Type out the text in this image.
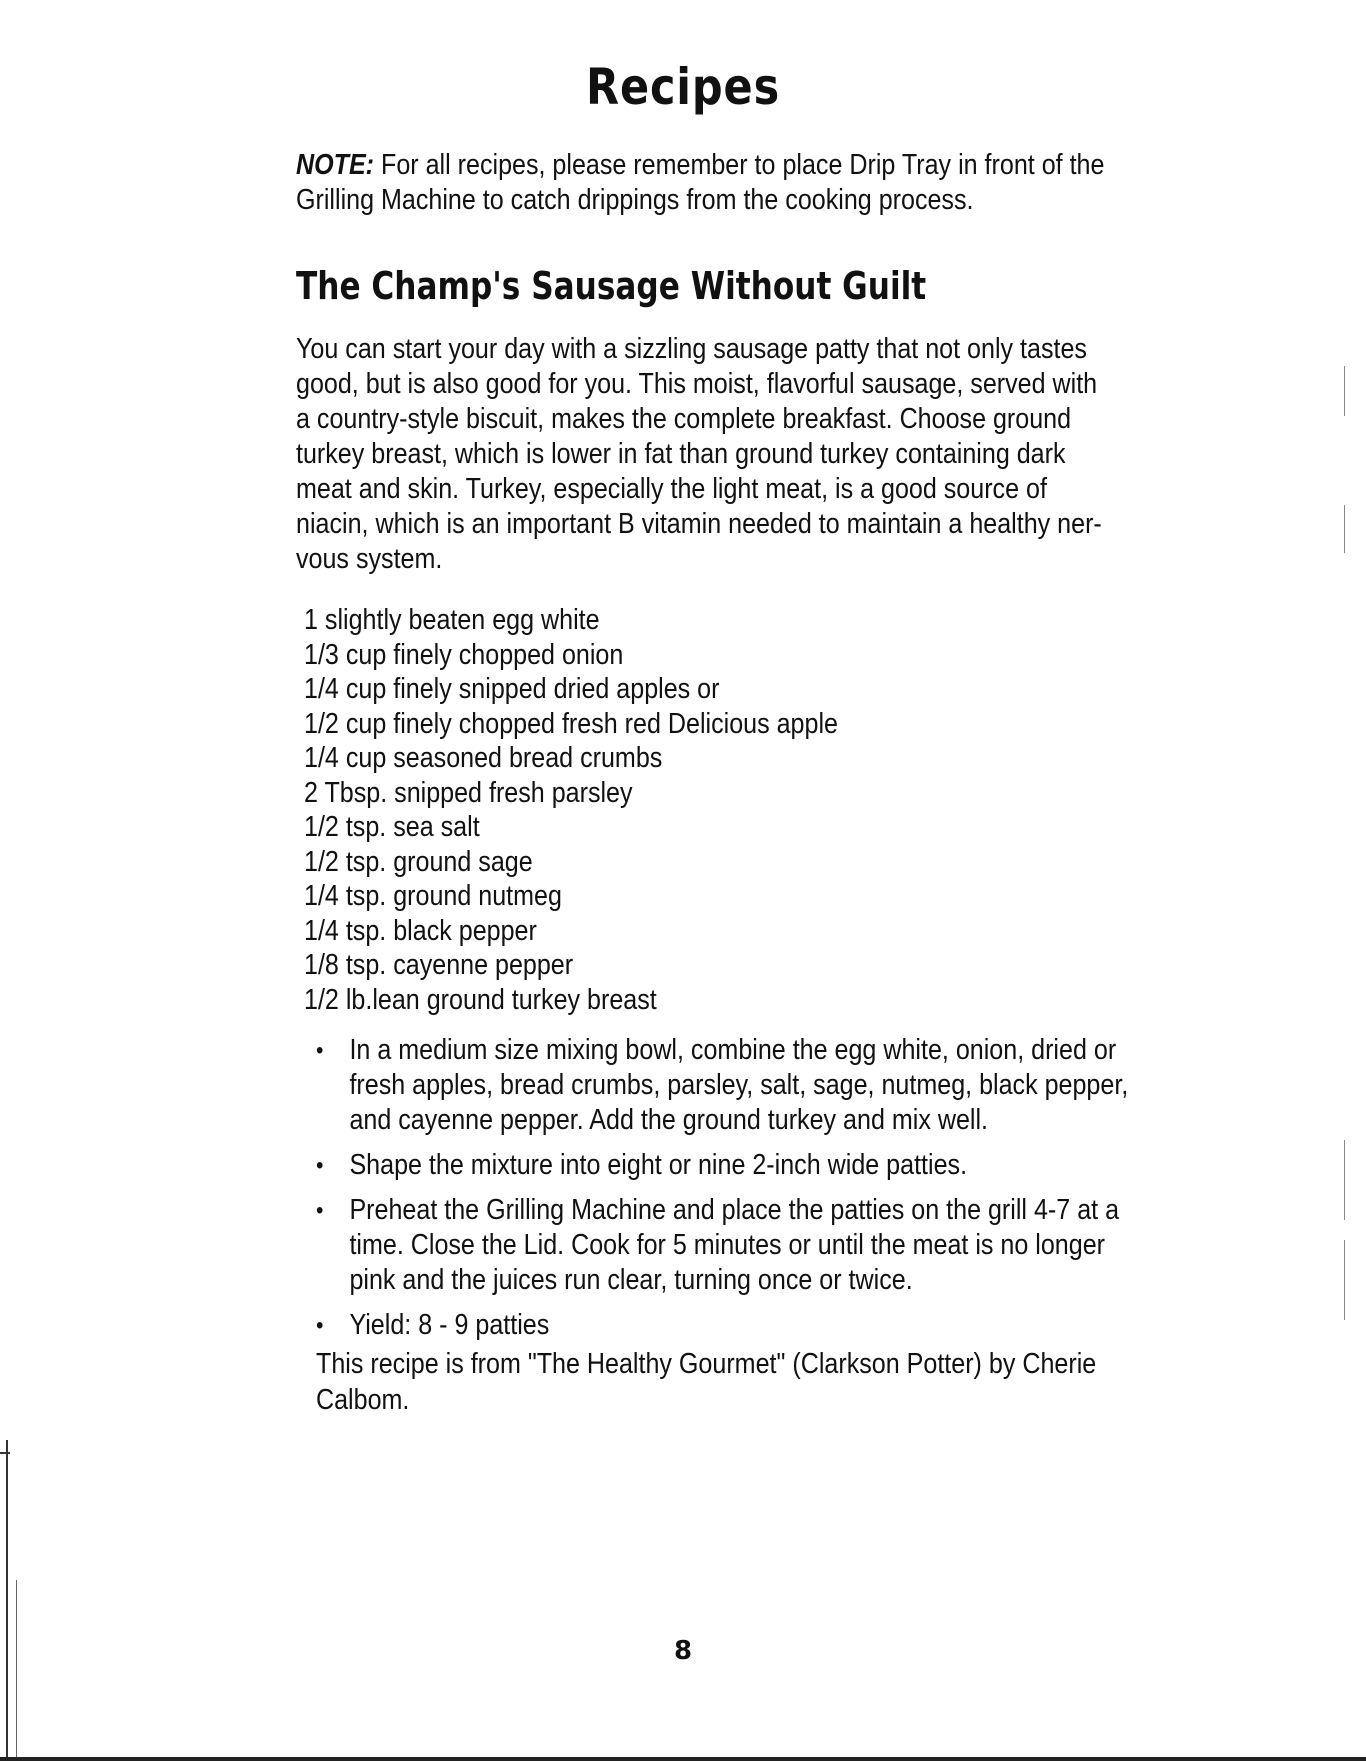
Recipes

NOTE: For all recipes, please remember to place Drip Tray in front of the
Grilling Machine to catch drippings from the cooking process.

The Champ's Sausage Without Guilt

You can start your day with a sizzling sausage patty that not only tastes
good, but is also good for you. This moist, flavorful sausage, served with
a country-style biscuit, makes the complete breakfast. Choose ground
turkey breast, which is lower in fat than ground turkey containing dark
meat and skin. Turkey, especially the light meat, is a good source of
niacin, which is an important B vitamin needed to maintain a healthy ner-
vous system.

1 slightly beaten egg white
1/3 cup finely chopped onion
1/4 cup finely snipped dried apples or
1/2 cup finely chopped fresh red Delicious apple
1/4 cup seasoned bread crumbs
2 Tbsp. snipped fresh parsley
1/2 tsp. sea salt
1/2 tsp. ground sage
1/4 tsp. ground nutmeg
1/4 tsp. black pepper
1/8 tsp. cayenne pepper
1/2 lb.lean ground turkey breast
• In a medium size mixing bowl, combine the egg white, onion, dried or
fresh apples, bread crumbs, parsley, salt, sage, nutmeg, black pepper,
and cayenne pepper. Add the ground turkey and mix well.
• Shape the mixture into eight or nine 2-inch wide patties.
• Preheat the Grilling Machine and place the patties on the grill 4-7 at a
time. Close the Lid. Cook for 5 minutes or until the meat is no longer
pink and the juices run clear, turning once or twice.
• Yield: 8 - 9 patties

This recipe is from "The Healthy Gourmet" (Clarkson Potter) by Cherie
Calbom.

8
